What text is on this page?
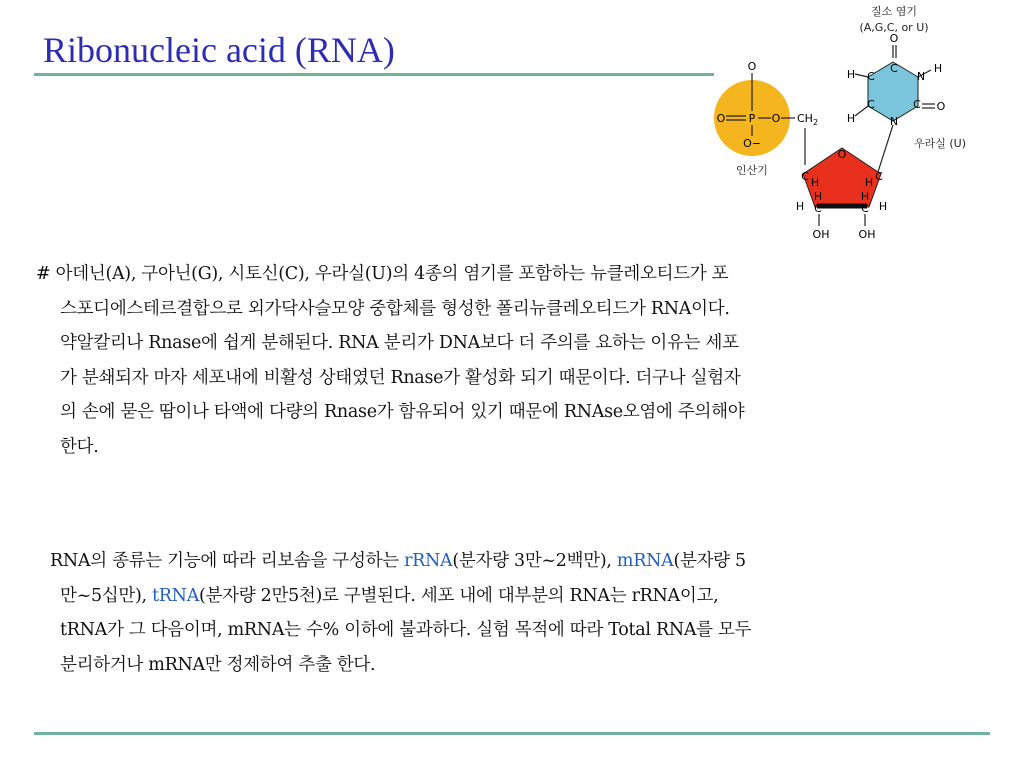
Ribonucleic acid (RNA)
질소 염기
(A,G,C, or U)
O
O P O
O−
인산기
$CH_2$
O
C
N
H
C
H
C
H
C O
N
우라실 (U)
O
C H	C
H
H	H
C	C
H	H
OH	OH
# 아데닌(A), 구아닌(G), 시토신(C), 우라실(U)의 4종의 염기를 포함하는 뉴클레오티드가 포
스포디에스테르결합으로 외가닥사슬모양 중합체를 형성한 폴리뉴클레오티드가 RNA이다.
약알칼리나 Rnase에 쉽게 분해된다. RNA 분리가 DNA보다 더 주의를 요하는 이유는 세포
가 분쇄되자 마자 세포내에 비활성 상태였던 Rnase가 활성화 되기 때문이다. 더구나 실험자
의 손에 묻은 땀이나 타액에 다량의 Rnase가 함유되어 있기 때문에 RNAse오염에 주의해야
한다.
RNA의 종류는 기능에 따라 리보솜을 구성하는 rRNA(분자량 3만~2백만), mRNA(분자량 5
만~5십만), tRNA(분자량 2만5천)로 구별된다. 세포 내에 대부분의 RNA는 rRNA이고,
tRNA가 그 다음이며, mRNA는 수% 이하에 불과하다. 실험 목적에 따라 Total RNA를 모두
분리하거나 mRNA만 정제하여 추출 한다.
